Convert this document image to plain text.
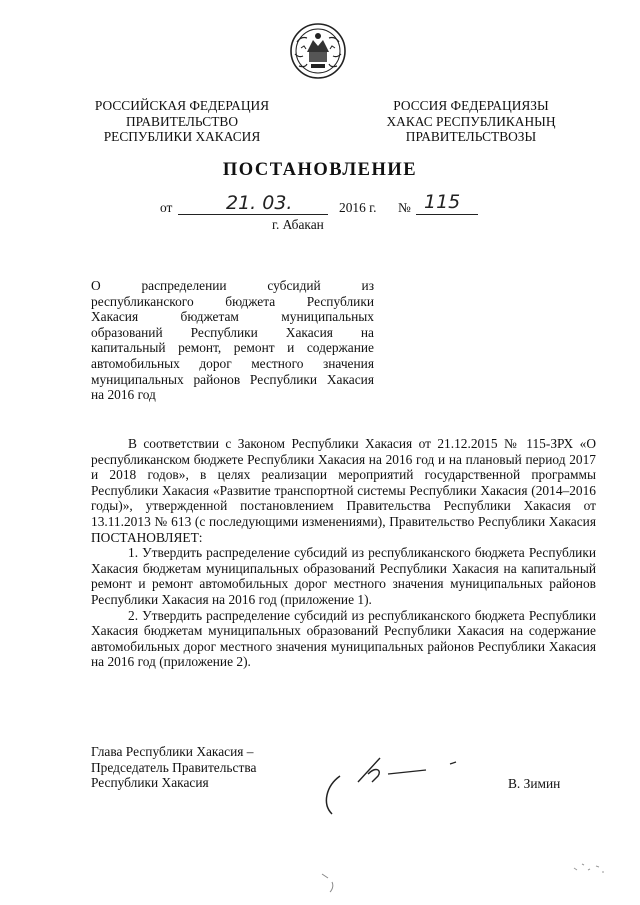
РОССИЙСКАЯ ФЕДЕРАЦИЯ
ПРАВИТЕЛЬСТВО
РЕСПУБЛИКИ ХАКАСИЯ
РОССИЯ ФЕДЕРАЦИЯЗЫ
ХАКАС РЕСПУБЛИКАНЫҢ
ПРАВИТЕЛЬСТВОЗЫ
ПОСТАНОВЛЕНИЕ
от	21. 03.	2016 г. № 115
г. Абакан
О распределении субсидий из
республиканского бюджета Республики
Хакасия бюджетам муниципальных
образований Республики Хакасия на
капитальный ремонт, ремонт и содержание
автомобильных дорог местного значения
муниципальных районов Республики Хакасия
на 2016 год

В соответствии с Законом Республики Хакасия от 21.12.2015 № 115-ЗРХ «О республиканском бюджете Республики Хакасия на 2016 год и на плановый период 2017 и 2018 годов», в целях реализации мероприятий государственной программы Республики Хакасия «Развитие транспортной системы Республики Хакасия (2014–2016 годы)», утвержденной постановлением Правительства Республики Хакасия от 13.11.2013 № 613 (с последующими изменениями), Правительство Республики Хакасия ПОСТАНОВЛЯЕТ:

1. Утвердить распределение субсидий из республиканского бюджета Республики Хакасия бюджетам муниципальных образований Республики Хакасия на капитальный ремонт и ремонт автомобильных дорог местного значения муниципальных районов Республики Хакасия на 2016 год (приложение 1).

2. Утвердить распределение субсидий из республиканского бюджета Республики Хакасия бюджетам муниципальных образований Республики Хакасия на содержание автомобильных дорог местного значения муниципальных районов Республики Хакасия на 2016 год (приложение 2).

Глава Республики Хакасия –
Председатель Правительства
Республики Хакасия	В. Зимин
